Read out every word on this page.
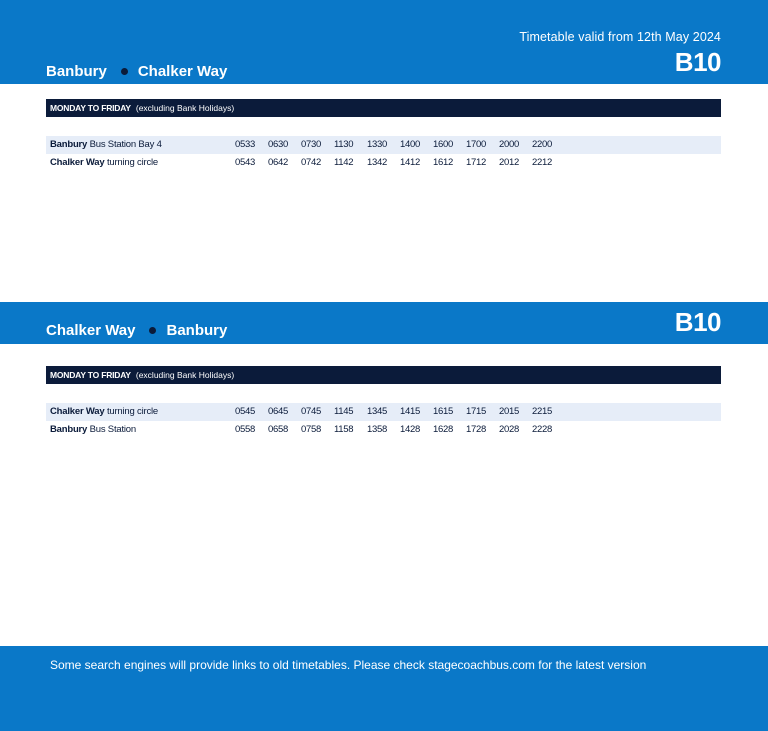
Timetable valid from 12th May 2024
Banbury Chalker Way	B10
MONDAY TO FRIDAY (excluding Bank Holidays)
Banbury Bus Station Bay 4	0533	0630	0730	1130	1330	1400	1600	1700	2000	2200
Chalker Way turning circle	0543	0642	0742	1142	1342	1412	1612	1712	2012	2212
Chalker Way Banbury	B10
MONDAY TO FRIDAY (excluding Bank Holidays)
Chalker Way turning circle	0545	0645	0745	1145	1345	1415	1615	1715	2015	2215
Banbury Bus Station	0558	0658	0758	1158	1358	1428	1628	1728	2028	2228
Some search engines will provide links to old timetables. Please check stagecoachbus.com for the latest version
